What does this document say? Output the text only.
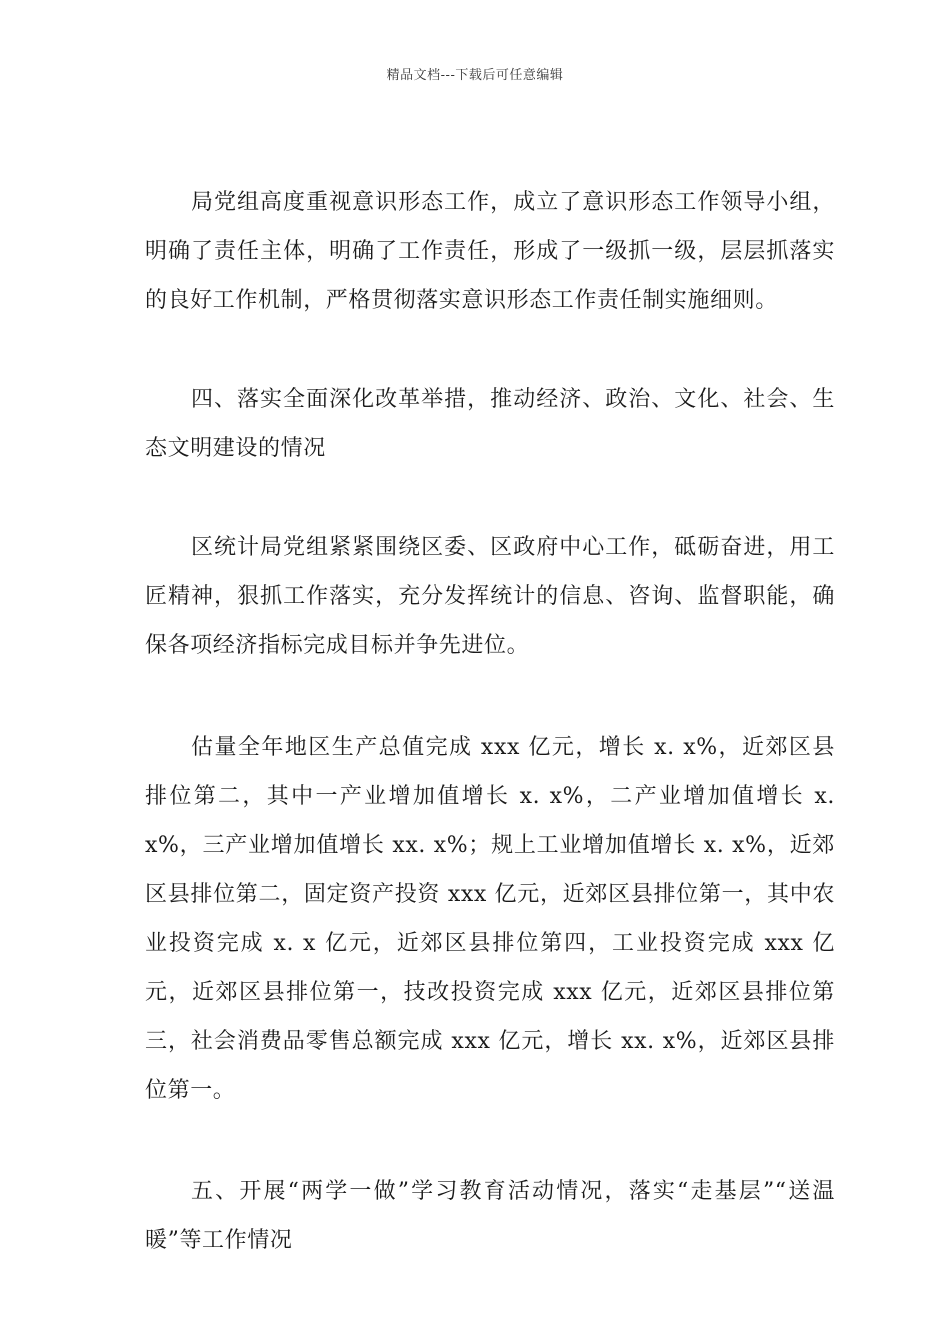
精品文档---下载后可任意编辑

局党组高度重视意识形态工作，成立了意识形态工作领导小组，明确了责任主体，明确了工作责任，形成了一级抓一级，层层抓落实的良好工作机制，严格贯彻落实意识形态工作责任制实施细则。

四、落实全面深化改革举措，推动经济、政治、文化、社会、生态文明建设的情况

区统计局党组紧紧围绕区委、区政府中心工作，砥砺奋进，用工匠精神，狠抓工作落实，充分发挥统计的信息、咨询、监督职能，确保各项经济指标完成目标并争先进位。

估量全年地区生产总值完成 xxx 亿元，增长 x. x%，近郊区县排位第二，其中一产业增加值增长 x. x%，二产业增加值增长 x. x%，三产业增加值增长 xx. x%；规上工业增加值增长 x. x%，近郊区县排位第二，固定资产投资 xxx 亿元，近郊区县排位第一，其中农业投资完成 x. x 亿元，近郊区县排位第四，工业投资完成 xxx 亿元，近郊区县排位第一，技改投资完成 xxx 亿元，近郊区县排位第三，社会消费品零售总额完成 xxx 亿元，增长 xx. x%，近郊区县排位第一。

五、开展“两学一做”学习教育活动情况，落实“走基层”“送温暖”等工作情况
